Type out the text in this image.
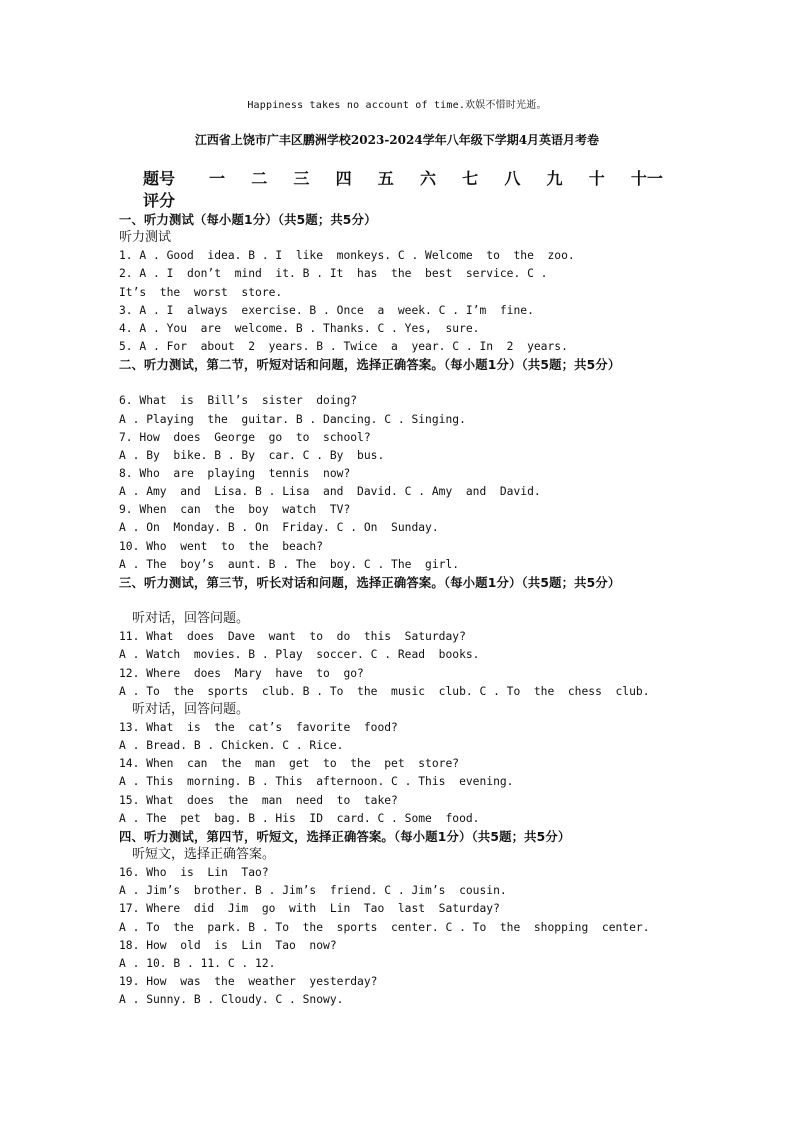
Happiness takes no account of time.欢娱不惜时光逝。
江西省上饶市广丰区鹏洲学校2023-2024学年八年级下学期4月英语月考卷
题号	一 二 三 四 五 六 七 八 九 十 十一
评分
一、听力测试（每小题1分）（共5题；共5分）
听力测试
1. A . Good  idea. B . I  like  monkeys. C . Welcome  to  the  zoo.
2. A . I  don’t  mind  it. B . It  has  the  best  service. C .
It’s  the  worst  store.
3. A . I  always  exercise. B . Once  a  week. C . I’m  fine.
4. A . You  are  welcome. B . Thanks. C . Yes,  sure.
5. A . For  about  2  years. B . Twice  a  year. C . In  2  years.
二、听力测试，第二节，听短对话和问题，选择正确答案。（每小题1分）（共5题；共5分）
6. What  is  Bill’s  sister  doing?
A . Playing  the  guitar. B . Dancing. C . Singing.
7. How  does  George  go  to  school?
A . By  bike. B . By  car. C . By  bus.
8. Who  are  playing  tennis  now?
A . Amy  and  Lisa. B . Lisa  and  David. C . Amy  and  David.
9. When  can  the  boy  watch  TV?
A . On  Monday. B . On  Friday. C . On  Sunday.
10. Who  went  to  the  beach?
A . The  boy’s  aunt. B . The  boy. C . The  girl.
三、听力测试，第三节，听长对话和问题，选择正确答案。（每小题1分）（共5题；共5分）
听对话，回答问题。
11. What  does  Dave  want  to  do  this  Saturday?
A . Watch  movies. B . Play  soccer. C . Read  books.
12. Where  does  Mary  have  to  go?
A . To  the  sports  club. B . To  the  music  club. C . To  the  chess  club.
听对话，回答问题。
13. What  is  the  cat’s  favorite  food?
A . Bread. B . Chicken. C . Rice.
14. When  can  the  man  get  to  the  pet  store?
A . This  morning. B . This  afternoon. C . This  evening.
15. What  does  the  man  need  to  take?
A . The  pet  bag. B . His  ID  card. C . Some  food.
四、听力测试，第四节，听短文，选择正确答案。（每小题1分）（共5题；共5分）
听短文，选择正确答案。
16. Who  is  Lin  Tao?
A . Jim’s  brother. B . Jim’s  friend. C . Jim’s  cousin.
17. Where  did  Jim  go  with  Lin  Tao  last  Saturday?
A . To  the  park. B . To  the  sports  center. C . To  the  shopping  center.
18. How  old  is  Lin  Tao  now?
A . 10. B . 11. C . 12.
19. How  was  the  weather  yesterday?
A . Sunny. B . Cloudy. C . Snowy.
